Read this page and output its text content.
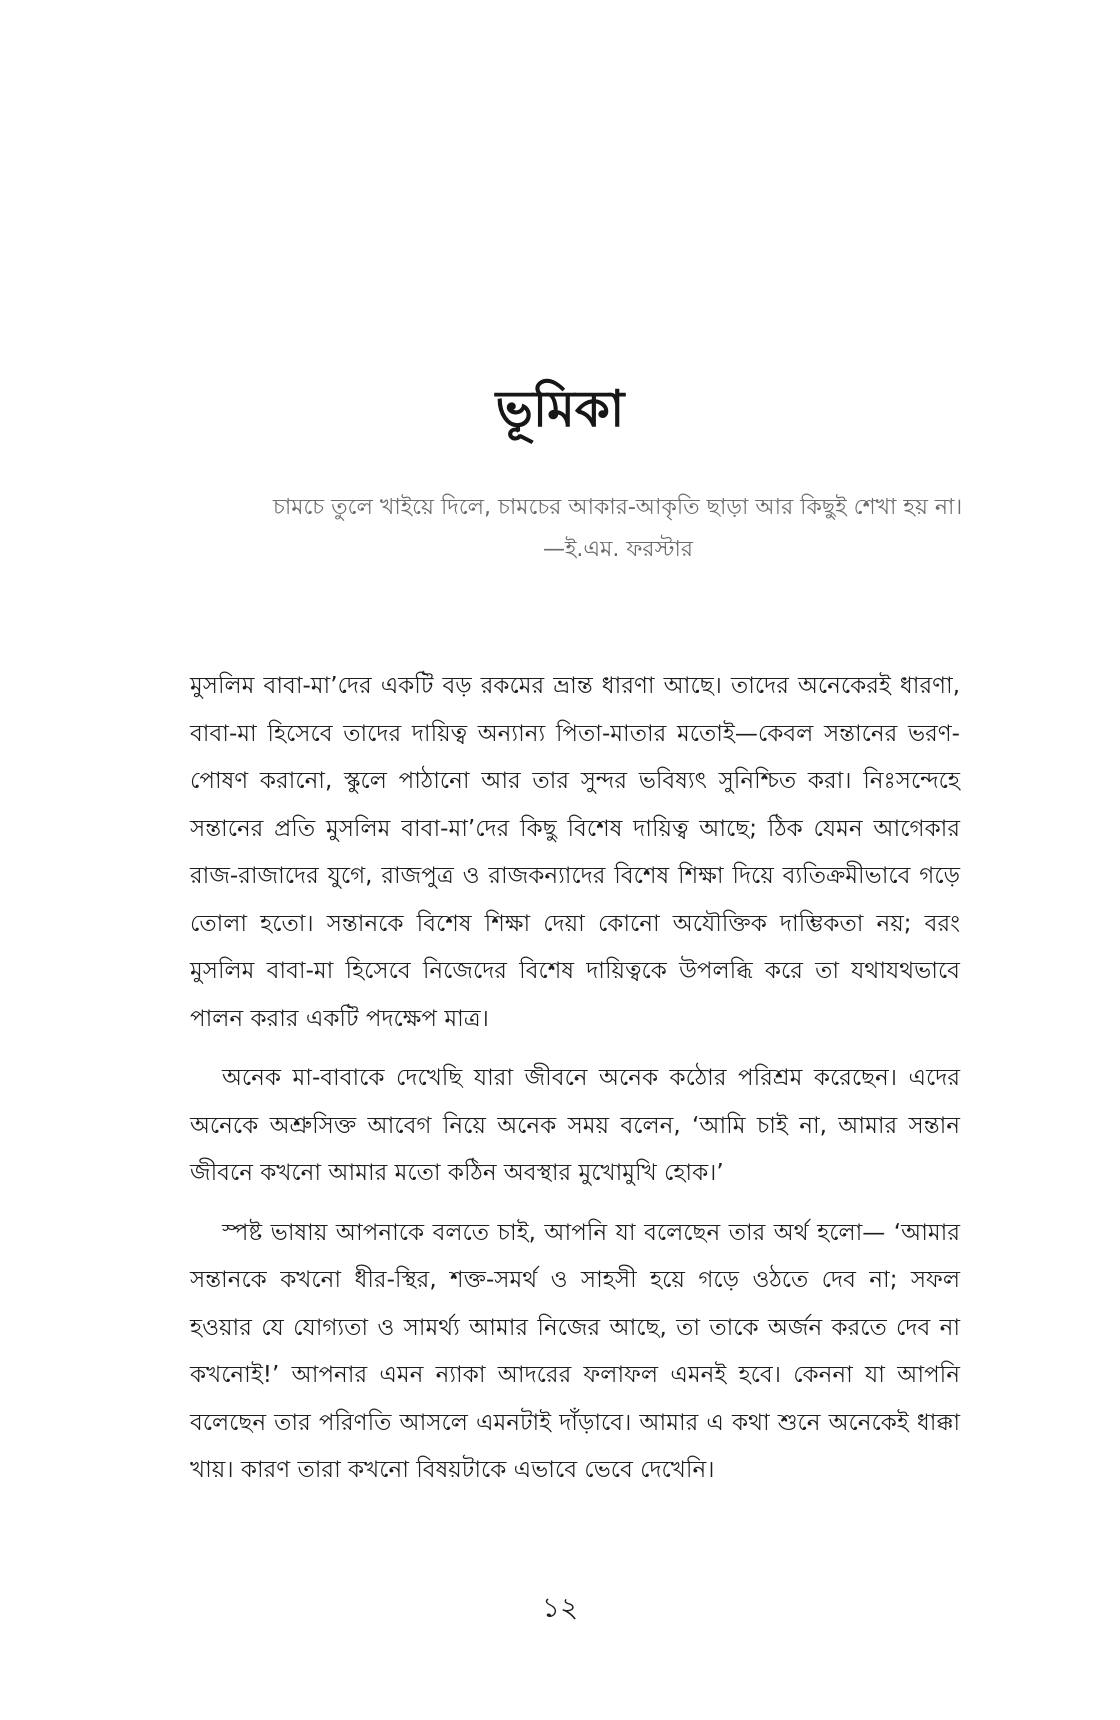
ভূমিকা

চামচে তুলে খাইয়ে দিলে, চামচের আকার-আকৃতি ছাড়া আর কিছুই শেখা হয় না।

—ই.এম. ফরস্টার

মুসলিম বাবা-মা’দের একটি বড় রকমের ভ্রান্ত ধারণা আছে। তাদের অনেকেরই ধারণা, বাবা-মা হিসেবে তাদের দায়িত্ব অন্যান্য পিতা-মাতার মতোই—কেবল সন্তানের ভরণ-পোষণ করানো, স্কুলে পাঠানো আর তার সুন্দর ভবিষ্যৎ সুনিশ্চিত করা। নিঃসন্দেহে সন্তানের প্রতি মুসলিম বাবা-মা’দের কিছু বিশেষ দায়িত্ব আছে; ঠিক যেমন আগেকার রাজ-রাজাদের যুগে, রাজপুত্র ও রাজকন্যাদের বিশেষ শিক্ষা দিয়ে ব্যতিক্রমীভাবে গড়ে তোলা হতো। সন্তানকে বিশেষ শিক্ষা দেয়া কোনো অযৌক্তিক দাম্ভিকতা নয়; বরং মুসলিম বাবা-মা হিসেবে নিজেদের বিশেষ দায়িত্বকে উপলব্ধি করে তা যথাযথভাবে পালন করার একটি পদক্ষেপ মাত্র।

অনেক মা-বাবাকে দেখেছি যারা জীবনে অনেক কঠোর পরিশ্রম করেছেন। এদের অনেকে অশ্রুসিক্ত আবেগ নিয়ে অনেক সময় বলেন, ‘আমি চাই না, আমার সন্তান জীবনে কখনো আমার মতো কঠিন অবস্থার মুখোমুখি হোক।’

স্পষ্ট ভাষায় আপনাকে বলতে চাই, আপনি যা বলেছেন তার অর্থ হলো— ‘আমার সন্তানকে কখনো ধীর-স্থির, শক্ত-সমর্থ ও সাহসী হয়ে গড়ে ওঠতে দেব না; সফল হওয়ার যে যোগ্যতা ও সামর্থ্য আমার নিজের আছে, তা তাকে অর্জন করতে দেব না কখনোই!’ আপনার এমন ন্যাকা আদরের ফলাফল এমনই হবে। কেননা যা আপনি বলেছেন তার পরিণতি আসলে এমনটাই দাঁড়াবে। আমার এ কথা শুনে অনেকেই ধাক্কা খায়। কারণ তারা কখনো বিষয়টাকে এভাবে ভেবে দেখেনি।

১২
